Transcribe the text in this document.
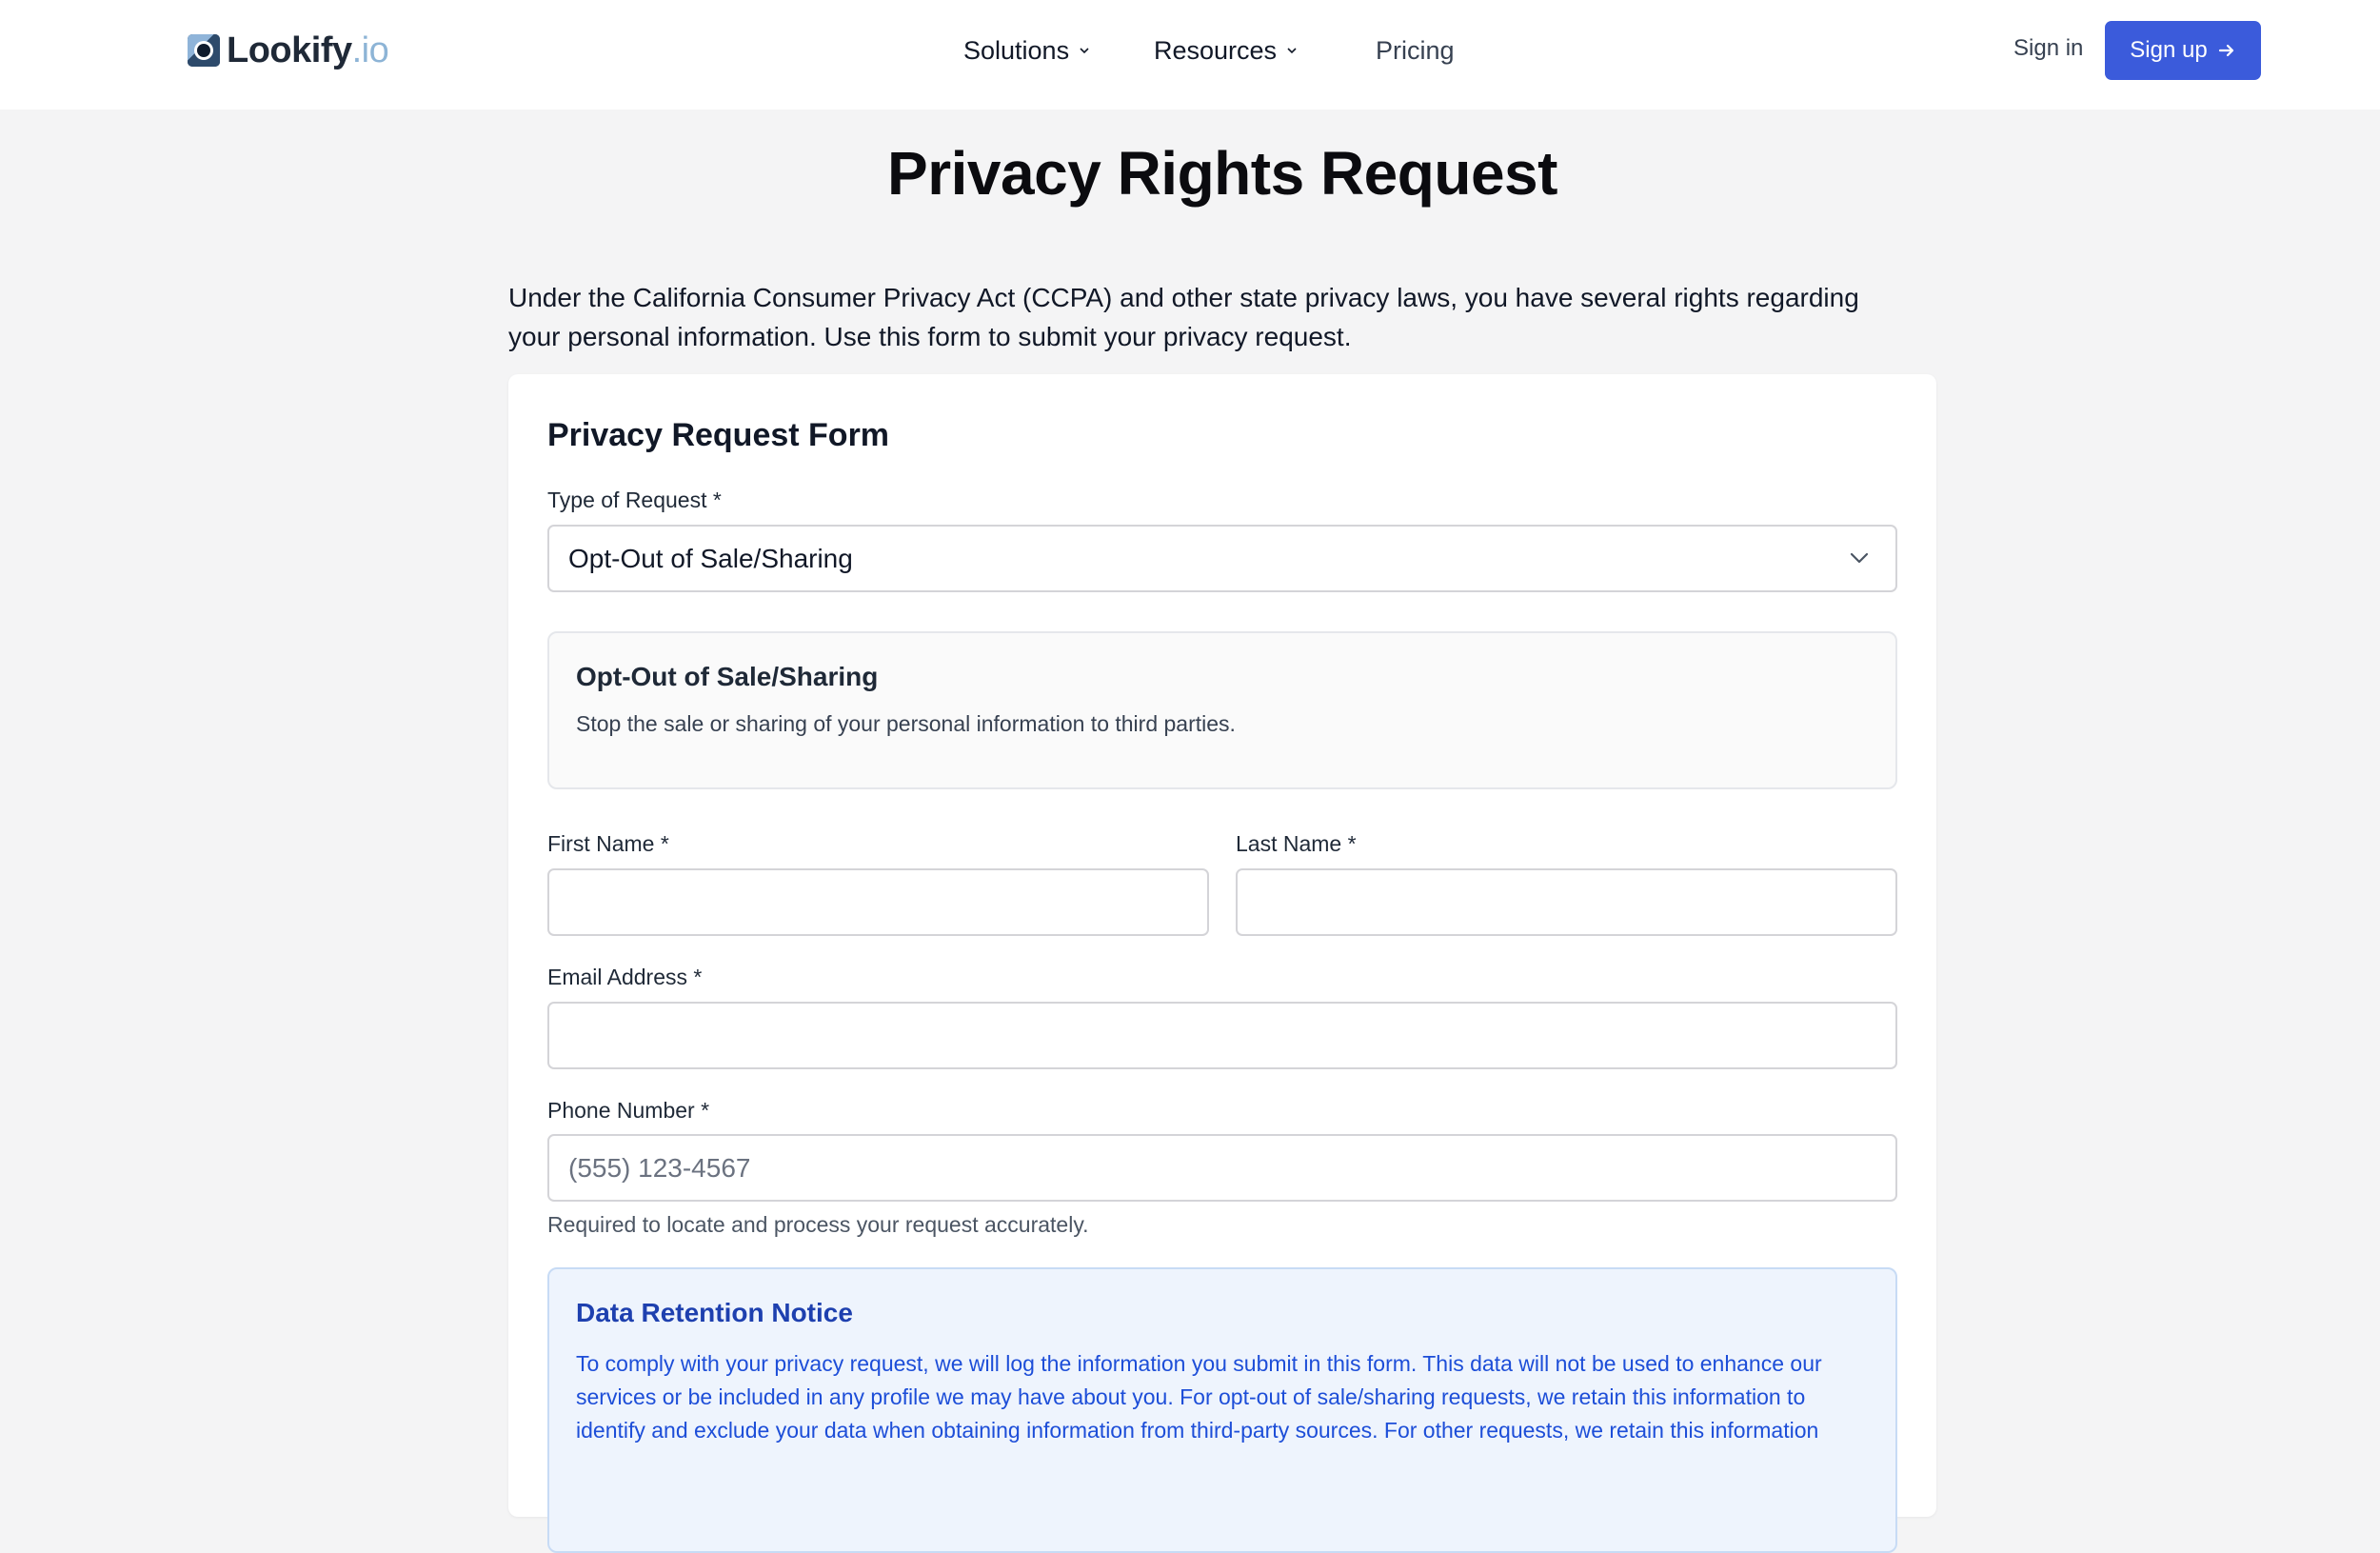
Lookify.io	Solutions	Resources	Pricing	Sign in Sign up
Privacy Rights Request

Under the California Consumer Privacy Act (CCPA) and other state privacy laws, you have several rights regarding your personal information. Use this form to submit your privacy request.

Privacy Request Form
Type of Request *
Opt-Out of Sale/Sharing
Opt-Out of Sale/Sharing
Stop the sale or sharing of your personal information to third parties.
First Name *	Last Name *
Email Address *
Phone Number *
(555) 123-4567
Required to locate and process your request accurately.
Data Retention Notice
To comply with your privacy request, we will log the information you submit in this form. This data will not be used to enhance our services or be included in any profile we may have about you. For opt-out of sale/sharing requests, we retain this information to identify and exclude your data when obtaining information from third-party sources. For other requests, we retain this information
